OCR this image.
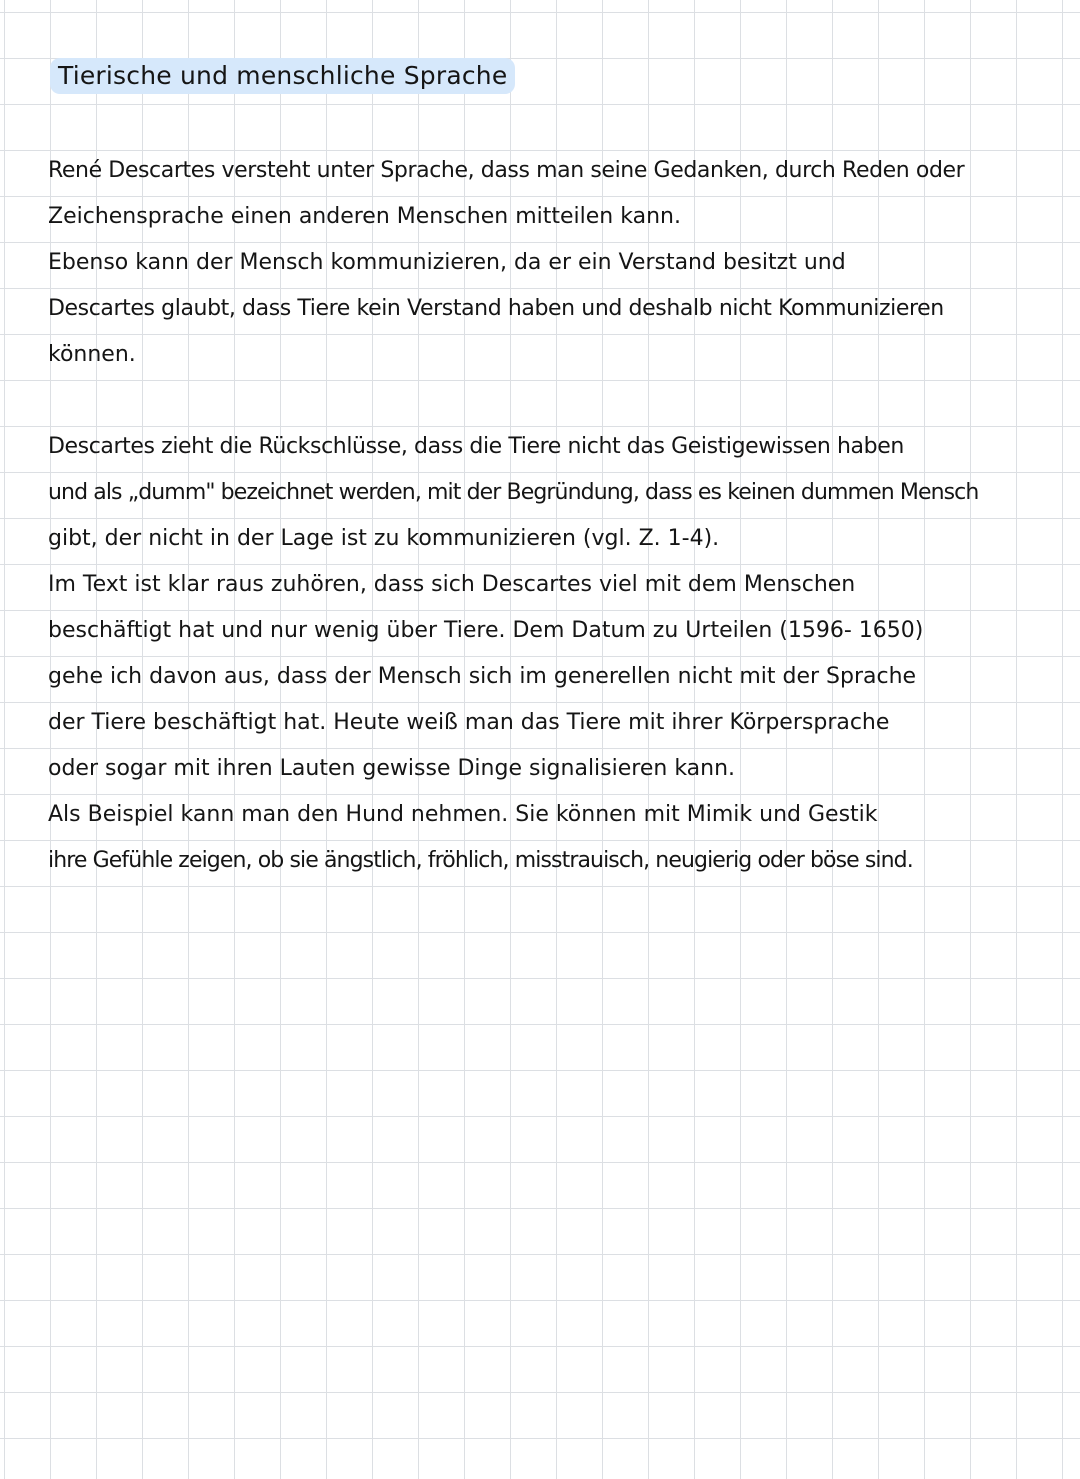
Tierische und menschliche Sprache
René Descartes versteht unter Sprache, dass man seine Gedanken, durch Reden oder
Zeichensprache einen anderen Menschen mitteilen kann.
Ebenso kann der Mensch kommunizieren, da er ein Verstand besitzt und
Descartes glaubt, dass Tiere kein Verstand haben und deshalb nicht Kommunizieren
können.
Descartes zieht die Rückschlüsse, dass die Tiere nicht das Geistigewissen haben
und als „dumm" bezeichnet werden, mit der Begründung, dass es keinen dummen Mensch
gibt, der nicht in der Lage ist zu kommunizieren (vgl. Z. 1-4).
Im Text ist klar raus zuhören, dass sich Descartes viel mit dem Menschen
beschäftigt hat und nur wenig über Tiere. Dem Datum zu Urteilen (1596- 1650)
gehe ich davon aus, dass der Mensch sich im generellen nicht mit der Sprache
der Tiere beschäftigt hat. Heute weiß man das Tiere mit ihrer Körpersprache
oder sogar mit ihren Lauten gewisse Dinge signalisieren kann.
Als Beispiel kann man den Hund nehmen. Sie können mit Mimik und Gestik
ihre Gefühle zeigen, ob sie ängstlich, fröhlich, misstrauisch, neugierig oder böse sind.
